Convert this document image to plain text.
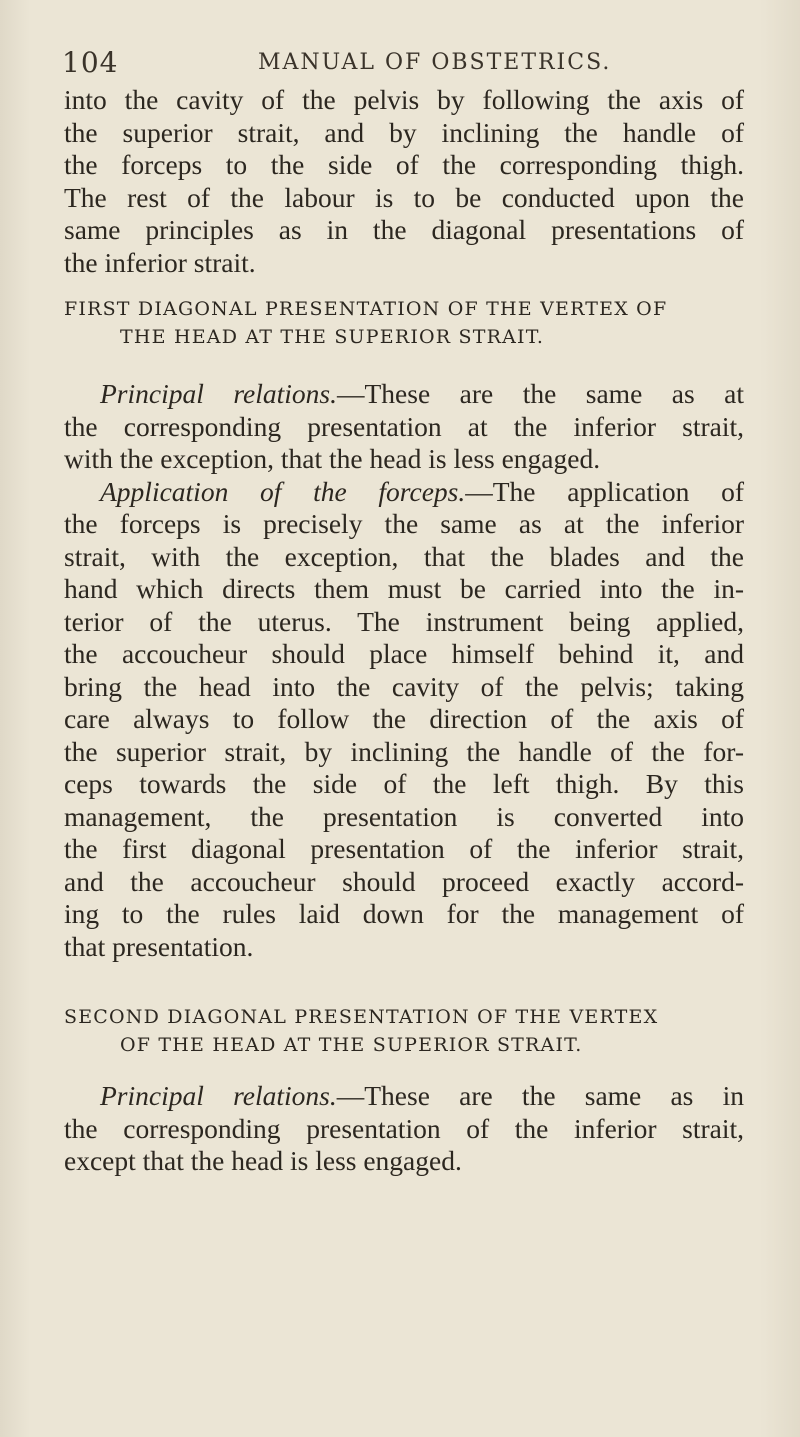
104	MANUAL OF OBSTETRICS.
into the cavity of the pelvis by following the axis of
the superior strait, and by inclining the handle of
the forceps to the side of the corresponding thigh.
The rest of the labour is to be conducted upon the
same principles as in the diagonal presentations of
the inferior strait.
FIRST DIAGONAL PRESENTATION OF THE VERTEX OF
THE HEAD AT THE SUPERIOR STRAIT.
Principal relations.—These are the same as at
the corresponding presentation at the inferior strait,
with the exception, that the head is less engaged.
Application of the forceps.—The application of
the forceps is precisely the same as at the inferior
strait, with the exception, that the blades and the
hand which directs them must be carried into the in-
terior of the uterus. The instrument being applied,
the accoucheur should place himself behind it, and
bring the head into the cavity of the pelvis; taking
care always to follow the direction of the axis of
the superior strait, by inclining the handle of the for-
ceps towards the side of the left thigh. By this
management, the presentation is converted into
the first diagonal presentation of the inferior strait,
and the accoucheur should proceed exactly accord-
ing to the rules laid down for the management of
that presentation.
SECOND DIAGONAL PRESENTATION OF THE VERTEX
OF THE HEAD AT THE SUPERIOR STRAIT.
Principal relations.—These are the same as in
the corresponding presentation of the inferior strait,
except that the head is less engaged.
